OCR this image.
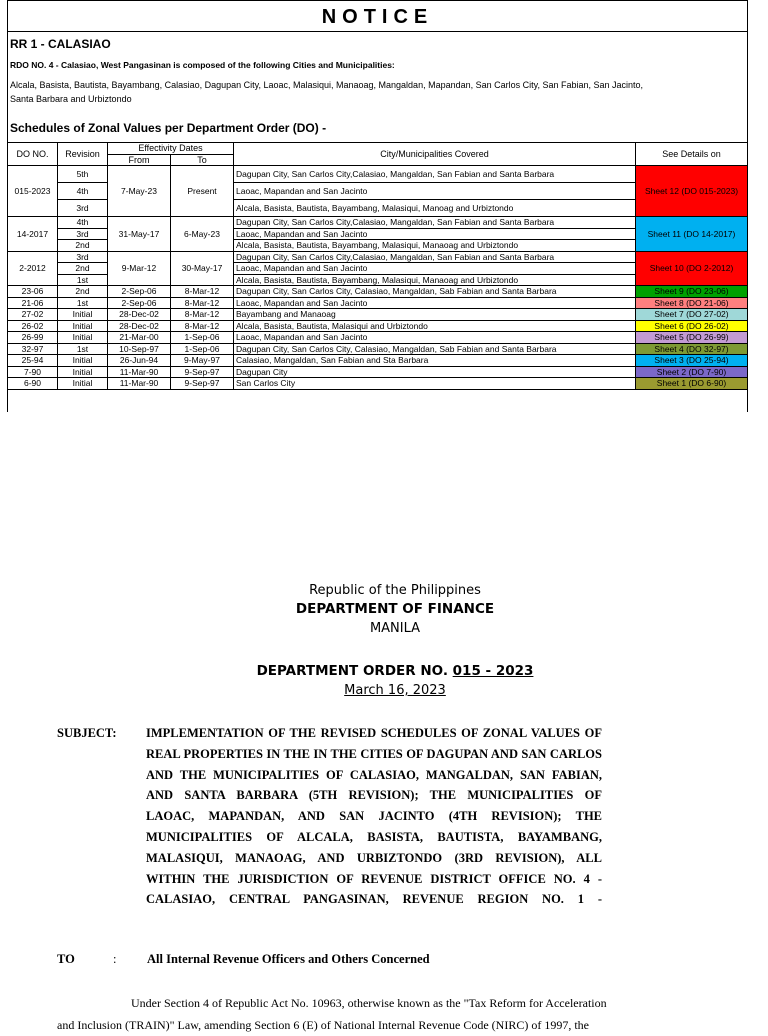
NOTICE
RR 1 - CALASIAO
RDO NO. 4 - Calasiao, West Pangasinan is composed of the following Cities and Municipalities:
Alcala, Basista, Bautista, Bayambang, Calasiao, Dagupan City, Laoac, Malasiqui, Manaoag, Mangaldan, Mapandan, San Carlos City, San Fabian, San Jacinto,
Santa Barbara and Urbiztondo
Schedules of Zonal Values per Department Order (DO) -
DO NO.	Revision	Effectivity Dates		City/Municipalities Covered	See Details on
		From	To		
015-2023	5th	7-May-23	Present	Dagupan City, San Carlos City,Calasiao, Mangaldan, San Fabian and Santa Barbara	Sheet 12 (DO 015-2023)
	4th			Laoac, Mapandan and San Jacinto	
	3rd			Alcala, Basista, Bautista, Bayambang, Malasiqui, Manoag and Urbiztondo	
14-2017	4th	31-May-17	6-May-23	Dagupan City, San Carlos City,Calasiao, Mangaldan, San Fabian and Santa Barbara	Sheet 11 (DO 14-2017)
	3rd			Laoac, Mapandan and San Jacinto	
	2nd			Alcala, Basista, Bautista, Bayambang, Malasiqui, Manaoag and Urbiztondo	
2-2012	3rd	9-Mar-12	30-May-17	Dagupan City, San Carlos City,Calasiao, Mangaldan, San Fabian and Santa Barbara	Sheet 10 (DO 2-2012)
	2nd			Laoac, Mapandan and San Jacinto	
	1st			Alcala, Basista, Bautista, Bayambang, Malasiqui, Manaoag and Urbiztondo	
23-06	2nd	2-Sep-06	8-Mar-12	Dagupan City, San Carlos City, Calasiao, Mangaldan, Sab Fabian and Santa Barbara	Sheet 9 (DO 23-06)
21-06	1st	2-Sep-06	8-Mar-12	Laoac, Mapandan and San Jacinto	Sheet 8 (DO 21-06)
27-02	Initial	28-Dec-02	8-Mar-12	Bayambang and Manaoag	Sheet 7 (DO 27-02)
26-02	Initial	28-Dec-02	8-Mar-12	Alcala, Basista, Bautista, Malasiqui and Urbiztondo	Sheet 6 (DO 26-02)
26-99	Initial	21-Mar-00	1-Sep-06	Laoac, Mapandan and San Jacinto	Sheet 5 (DO 26-99)
32-97	1st	10-Sep-97	1-Sep-06	Dagupan City, San Carlos City, Calasiao, Mangaldan, Sab Fabian and Santa Barbara	Sheet 4 (DO 32-97)
25-94	Initial	26-Jun-94	9-May-97	Calasiao, Mangaldan, San Fabian and Sta Barbara	Sheet 3 (DO 25-94)
7-90	Initial	11-Mar-90	9-Sep-97	Dagupan City	Sheet 2 (DO 7-90)
6-90	Initial	11-Mar-90	9-Sep-97	San Carlos City	Sheet 1 (DO 6-90)
Republic of the Philippines
DEPARTMENT OF FINANCE
MANILA
DEPARTMENT ORDER NO. 015 - 2023
March 16, 2023
SUBJECT: IMPLEMENTATION OF THE REVISED SCHEDULES OF ZONAL VALUES OF
REAL PROPERTIES IN THE IN THE CITIES OF DAGUPAN AND SAN CARLOS
AND THE MUNICIPALITIES OF CALASIAO, MANGALDAN, SAN FABIAN,
AND SANTA BARBARA (5TH REVISION); THE MUNICIPALITIES OF
LAOAC, MAPANDAN, AND SAN JACINTO (4TH REVISION); THE
MUNICIPALITIES OF ALCALA, BASISTA, BAUTISTA, BAYAMBANG,
MALASIQUI, MANAOAG, AND URBIZTONDO (3RD REVISION), ALL
WITHIN THE JURISDICTION OF REVENUE DISTRICT OFFICE NO. 4 -
CALASIAO, CENTRAL PANGASINAN, REVENUE REGION NO. 1 -
TO	: All Internal Revenue Officers and Others Concerned
Under Section 4 of Republic Act No. 10963, otherwise known as the "Tax Reform for Acceleration
and Inclusion (TRAIN)" Law, amending Section 6 (E) of National Internal Revenue Code (NIRC) of 1997, the
